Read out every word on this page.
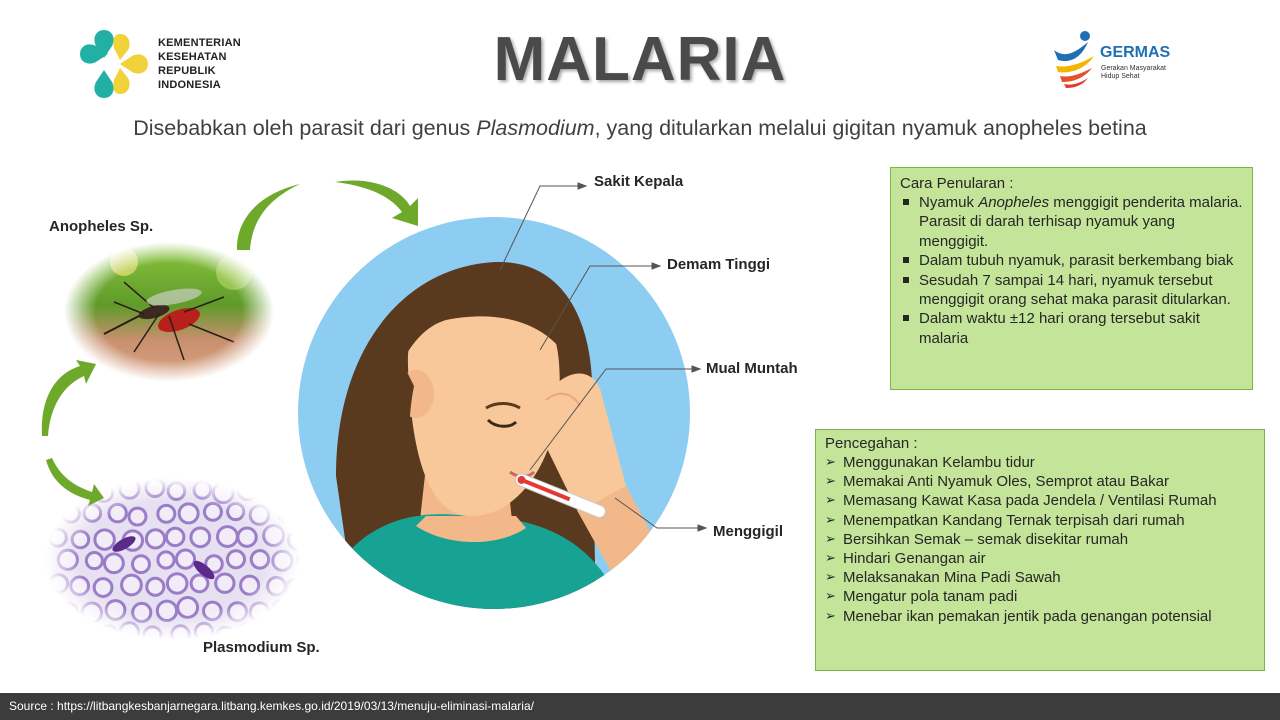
KEMENTERIAN
KESEHATAN
REPUBLIK
INDONESIA	MALARIA	GERMAS
Gerakan Masyarakat
Hidup Sehat
Disebabkan oleh parasit dari genus Plasmodium, yang ditularkan melalui gigitan nyamuk anopheles betina
Anopheles Sp.
Plasmodium Sp.
Sakit Kepala
Demam Tinggi
Mual Muntah
Menggigil
Cara Penularan :
Nyamuk Anopheles menggigit penderita malaria. Parasit di darah terhisap nyamuk yang menggigit.
Dalam tubuh nyamuk, parasit berkembang biak
Sesudah 7 sampai 14 hari, nyamuk tersebut menggigit orang sehat maka parasit ditularkan.
Dalam waktu ±12 hari orang tersebut sakit malaria
Pencegahan :
➢ Menggunakan Kelambu tidur
➢ Memakai Anti Nyamuk Oles, Semprot atau Bakar
➢ Memasang Kawat Kasa pada Jendela / Ventilasi Rumah
➢ Menempatkan Kandang Ternak terpisah dari rumah
➢ Bersihkan Semak – semak disekitar rumah
➢ Hindari Genangan air
➢ Melaksanakan Mina Padi Sawah
➢ Mengatur pola tanam padi
➢ Menebar ikan pemakan jentik pada genangan potensial
Source : https://litbangkesbanjarnegara.litbang.kemkes.go.id/2019/03/13/menuju-eliminasi-malaria/
